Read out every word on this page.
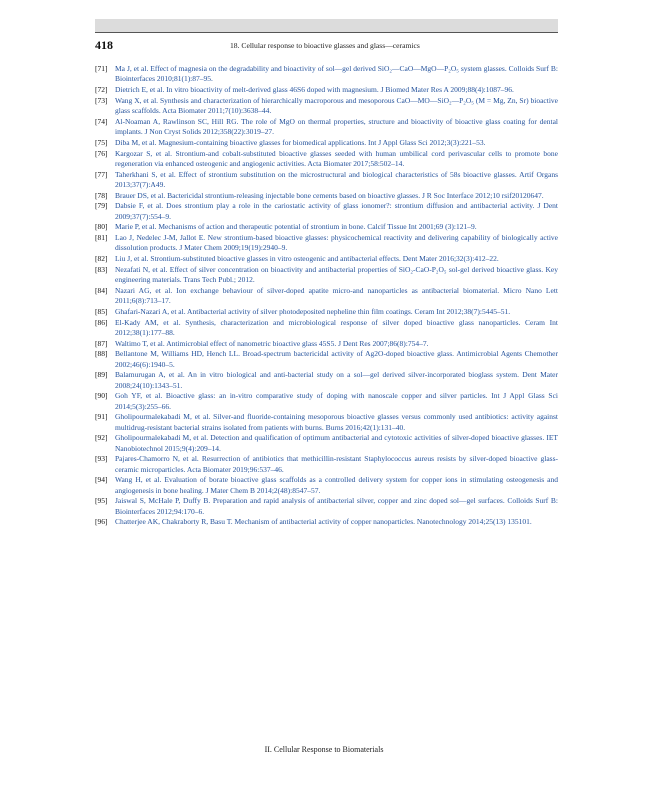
418	18. Cellular response to bioactive glasses and glass—ceramics
[71] Ma J, et al. Effect of magnesia on the degradability and bioactivity of sol—gel derived SiO₂—CaO—MgO—P₂O₅ system glasses. Colloids Surf B: Biointerfaces 2010;81(1):87–95.
[72] Dietrich E, et al. In vitro bioactivity of melt-derived glass 46S6 doped with magnesium. J Biomed Mater Res A 2009;88(4):1087–96.
[73] Wang X, et al. Synthesis and characterization of hierarchically macroporous and mesoporous CaO—MO—SiO₂—P₂O₅ (M = Mg, Zn, Sr) bioactive glass scaffolds. Acta Biomater 2011;7(10):3638–44.
[74] Al-Noaman A, Rawlinson SC, Hill RG. The role of MgO on thermal properties, structure and bioactivity of bioactive glass coating for dental implants. J Non Cryst Solids 2012;358(22):3019–27.
[75] Diba M, et al. Magnesium-containing bioactive glasses for biomedical applications. Int J Appl Glass Sci 2012;3(3):221–53.
[76] Kargozar S, et al. Strontium-and cobalt-substituted bioactive glasses seeded with human umbilical cord perivascular cells to promote bone regeneration via enhanced osteogenic and angiogenic activities. Acta Biomater 2017;58:502–14.
[77] Taherkhani S, et al. Effect of strontium substitution on the microstructural and biological characteristics of 58s bioactive glasses. Artif Organs 2013;37(7):A49.
[78] Brauer DS, et al. Bactericidal strontium-releasing injectable bone cements based on bioactive glasses. J R Soc Interface 2012;10 rsif20120647.
[79] Dabsie F, et al. Does strontium play a role in the cariostatic activity of glass ionomer?: strontium diffusion and antibacterial activity. J Dent 2009;37(7):554–9.
[80] Marie P, et al. Mechanisms of action and therapeutic potential of strontium in bone. Calcif Tissue Int 2001;69 (3):121–9.
[81] Lao J, Nedelec J-M, Jallot E. New strontium-based bioactive glasses: physicochemical reactivity and delivering capability of biologically active dissolution products. J Mater Chem 2009;19(19):2940–9.
[82] Liu J, et al. Strontium-substituted bioactive glasses in vitro osteogenic and antibacterial effects. Dent Mater 2016;32(3):412–22.
[83] Nezafati N, et al. Effect of silver concentration on bioactivity and antibacterial properties of SiO₂-CaO-P₂O₅ sol-gel derived bioactive glass. Key engineering materials. Trans Tech Publ.; 2012.
[84] Nazari AG, et al. Ion exchange behaviour of silver-doped apatite micro-and nanoparticles as antibacterial biomaterial. Micro Nano Lett 2011;6(8):713–17.
[85] Ghafari-Nazari A, et al. Antibacterial activity of silver photodeposited nepheline thin film coatings. Ceram Int 2012;38(7):5445–51.
[86] El-Kady AM, et al. Synthesis, characterization and microbiological response of silver doped bioactive glass nanoparticles. Ceram Int 2012;38(1):177–88.
[87] Waltimo T, et al. Antimicrobial effect of nanometric bioactive glass 45S5. J Dent Res 2007;86(8):754–7.
[88] Bellantone M, Williams HD, Hench LL. Broad-spectrum bactericidal activity of Ag2O-doped bioactive glass. Antimicrobial Agents Chemother 2002;46(6):1940–5.
[89] Balamurugan A, et al. An in vitro biological and anti-bacterial study on a sol—gel derived silver-incorporated bioglass system. Dent Mater 2008;24(10):1343–51.
[90] Goh YF, et al. Bioactive glass: an in-vitro comparative study of doping with nanoscale copper and silver particles. Int J Appl Glass Sci 2014;5(3):255–66.
[91] Gholipourmalekabadi M, et al. Silver-and fluoride-containing mesoporous bioactive glasses versus commonly used antibiotics: activity against multidrug-resistant bacterial strains isolated from patients with burns. Burns 2016;42(1):131–40.
[92] Gholipourmalekabadi M, et al. Detection and qualification of optimum antibacterial and cytotoxic activities of silver-doped bioactive glasses. IET Nanobiotechnol 2015;9(4):209–14.
[93] Pajares-Chamorro N, et al. Resurrection of antibiotics that methicillin-resistant Staphylococcus aureus resists by silver-doped bioactive glass-ceramic microparticles. Acta Biomater 2019;96:537–46.
[94] Wang H, et al. Evaluation of borate bioactive glass scaffolds as a controlled delivery system for copper ions in stimulating osteogenesis and angiogenesis in bone healing. J Mater Chem B 2014;2(48):8547–57.
[95] Jaiswal S, McHale P, Duffy B. Preparation and rapid analysis of antibacterial silver, copper and zinc doped sol—gel surfaces. Colloids Surf B: Biointerfaces 2012;94:170–6.
[96] Chatterjee AK, Chakraborty R, Basu T. Mechanism of antibacterial activity of copper nanoparticles. Nanotechnology 2014;25(13) 135101.
II. Cellular Response to Biomaterials
